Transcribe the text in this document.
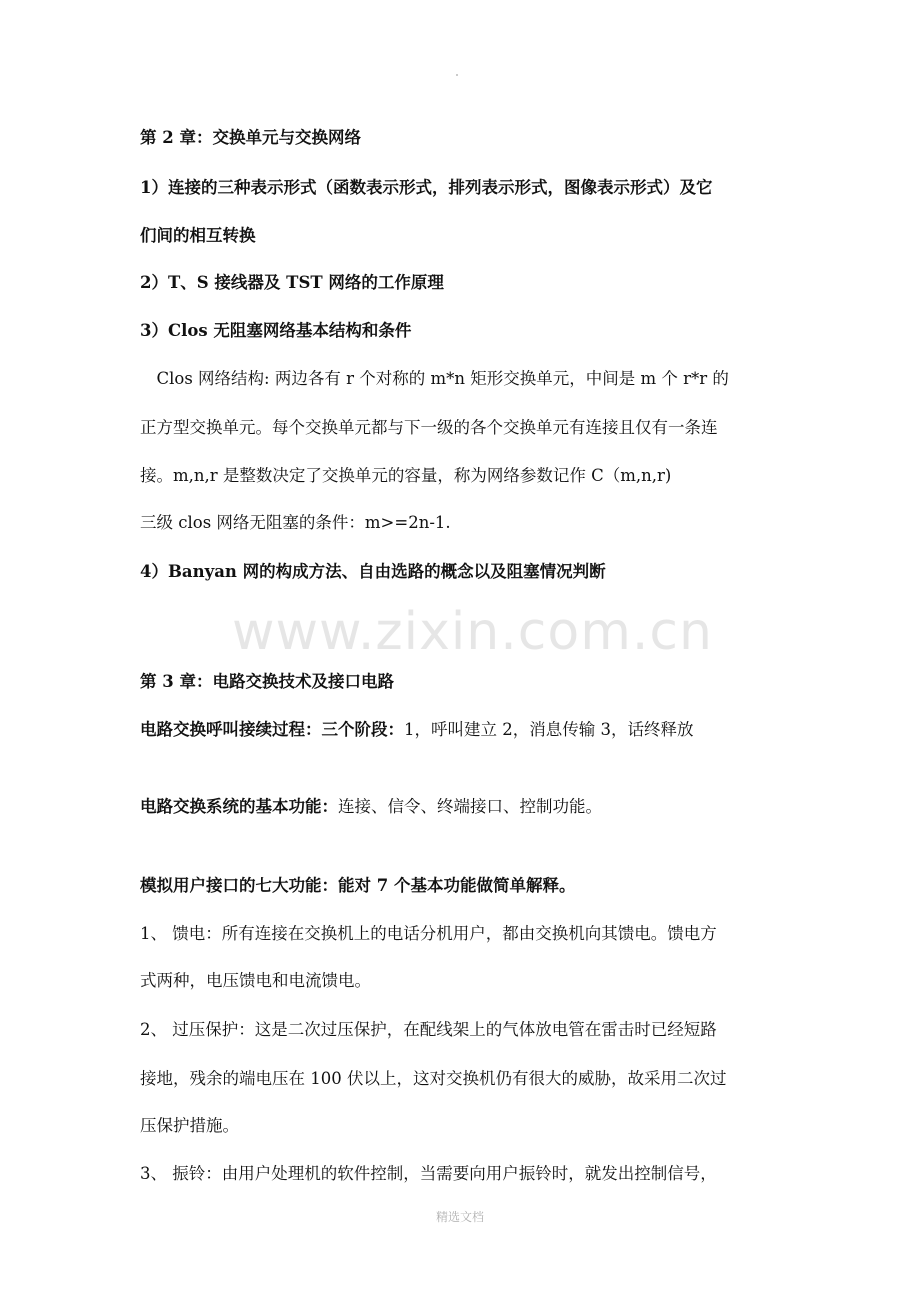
第 2 章：交换单元与交换网络
1）连接的三种表示形式（函数表示形式，排列表示形式，图像表示形式）及它
们间的相互转换
2）T、S 接线器及 TST 网络的工作原理
3）Clos 无阻塞网络基本结构和条件
　Clos 网络结构: 两边各有 r 个对称的 m*n 矩形交换单元，中间是 m 个 r*r 的
正方型交换单元。每个交换单元都与下一级的各个交换单元有连接且仅有一条连
接。m,n,r 是整数决定了交换单元的容量，称为网络参数记作 C（m,n,r)
三级 clos 网络无阻塞的条件：m>=2n-1.
4）Banyan 网的构成方法、自由选路的概念以及阻塞情况判断
www.zixin.com.cn
第 3 章：电路交换技术及接口电路
电路交换呼叫接续过程：三个阶段：1，呼叫建立 2，消息传输 3，话终释放
电路交换系统的基本功能：连接、信令、终端接口、控制功能。
模拟用户接口的七大功能：能对 7 个基本功能做简单解释。
1、 馈电：所有连接在交换机上的电话分机用户，都由交换机向其馈电。馈电方
式两种，电压馈电和电流馈电。
2、 过压保护：这是二次过压保护，在配线架上的气体放电管在雷击时已经短路
接地，残余的端电压在 100 伏以上，这对交换机仍有很大的威胁，故采用二次过
压保护措施。
3、 振铃：由用户处理机的软件控制，当需要向用户振铃时，就发出控制信号，
精选文档
